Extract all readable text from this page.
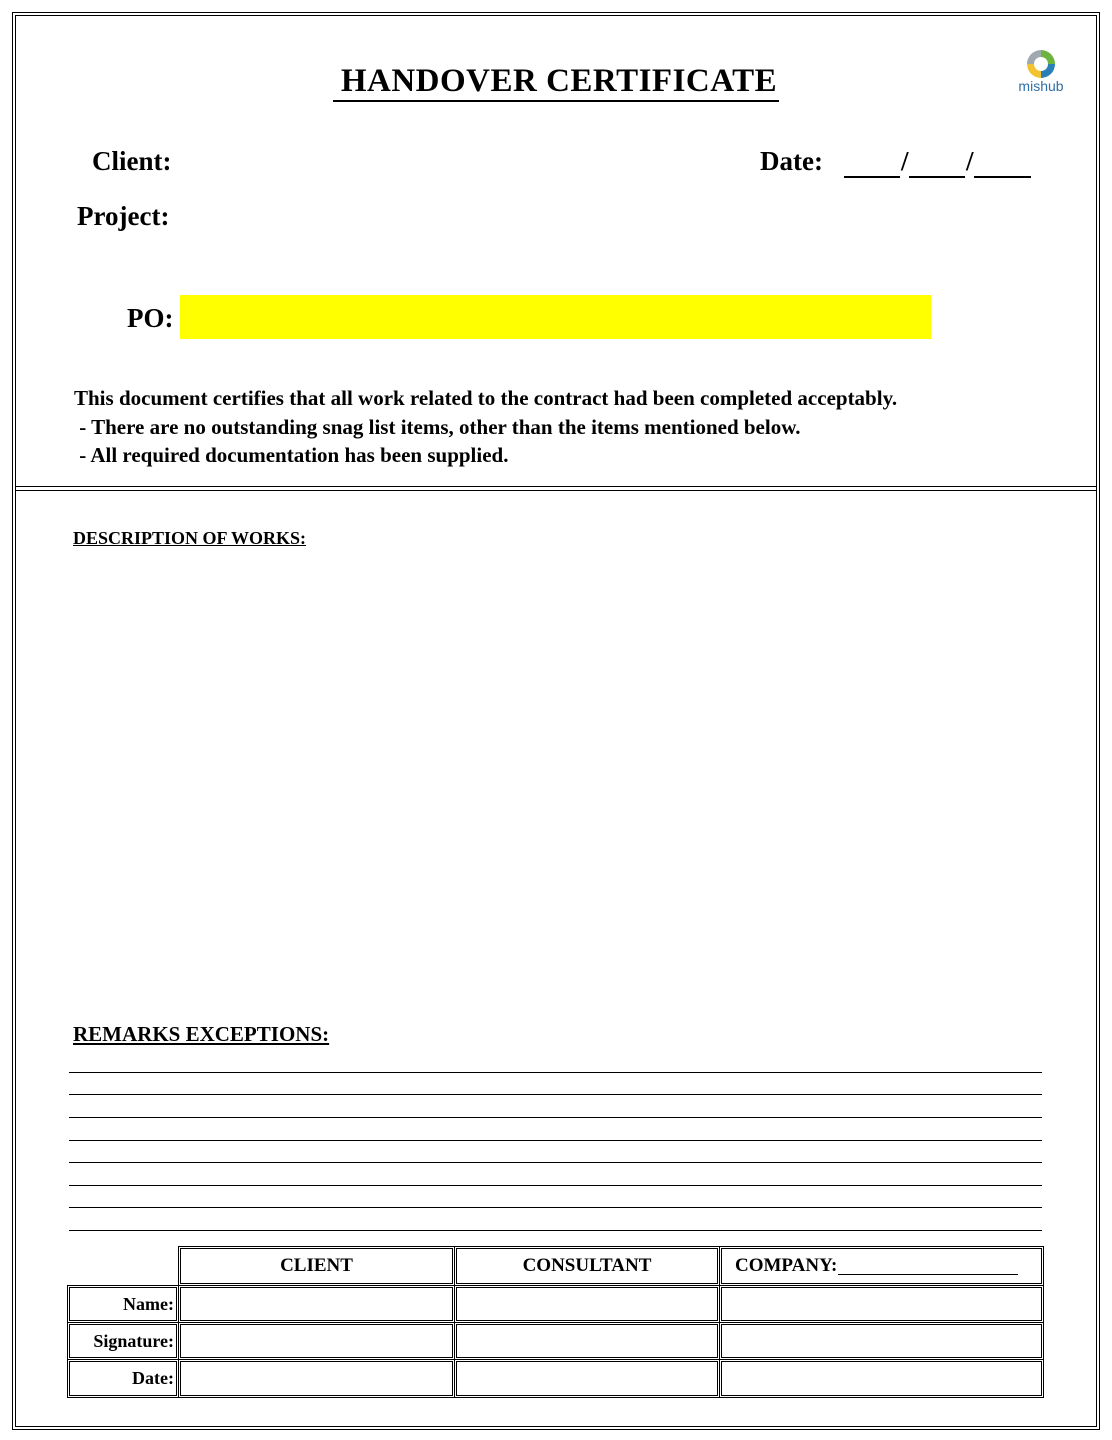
HANDOVER CERTIFICATE	mishub
Client:	Date:	/ /
Project:
PO:
This document certifies that all work related to the contract had been completed acceptably.
- There are no outstanding snag list items, other than the items mentioned below.
- All required documentation has been supplied.
DESCRIPTION OF WORKS:
REMARKS EXCEPTIONS:
CLIENT	CONSULTANT	COMPANY:
Name:
Signature:
Date:
